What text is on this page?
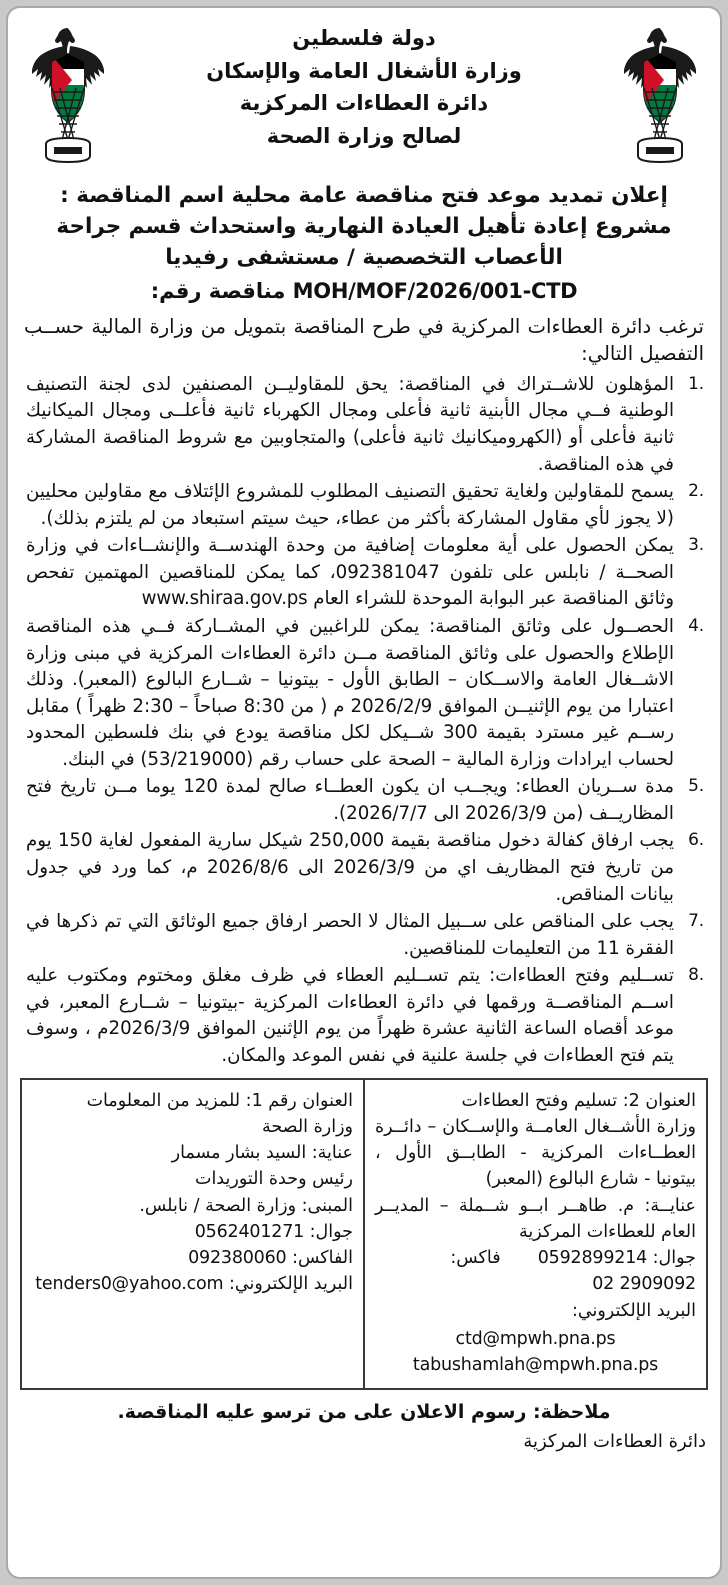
دولة فلسطين
وزارة الأشغال العامة والإسكان
دائرة العطاءات المركزية
لصالح وزارة الصحة
إعلان تمديد موعد فتح مناقصة عامة محلية اسم المناقصة : مشروع إعادة تأهيل العيادة النهارية واستحداث قسم جراحة الأعصاب التخصصية / مستشفى رفيديا
MOH/MOF/2026/001-CTD مناقصة رقم:
ترغب دائرة العطاءات المركزية في طرح المناقصة بتمويل من وزارة المالية حســب التفصيل التالي:
المؤهلون للاشــتراك في المناقصة: يحق للمقاوليــن المصنفين لدى لجنة التصنيف الوطنية فــي مجال الأبنية ثانية فأعلى ومجال الكهرباء ثانية فأعلــى ومجال الميكانيك ثانية فأعلى أو (الكهروميكانيك ثانية فأعلى) والمتجاوبين مع شروط المناقصة المشاركة في هذه المناقصة.
يسمح للمقاولين ولغاية تحقيق التصنيف المطلوب للمشروع الإئتلاف مع مقاولين محليين (لا يجوز لأي مقاول المشاركة بأكثر من عطاء، حيث سيتم استبعاد من لم يلتزم بذلك).
يمكن الحصول على أية معلومات إضافية من وحدة الهندســة والإنشــاءات في وزارة الصحــة / نابلس على تلفون 092381047، كما يمكن للمناقصين المهتمين تفحص وثائق المناقصة عبر البوابة الموحدة للشراء العام www.shiraa.gov.ps
الحصــول على وثائق المناقصة: يمكن للراغبين في المشــاركة فــي هذه المناقصة الإطلاع والحصول على وثائق المناقصة مــن دائرة العطاءات المركزية في مبنى وزارة الاشــغال العامة والاســكان – الطابق الأول - بيتونيا – شــارع البالوع (المعبر). وذلك اعتبارا من يوم الإثنيــن الموافق 2026/2/9 م ( من 8:30 صباحاً – 2:30 ظهراً ) مقابل رســم غير مسترد بقيمة 300 شــيكل لكل مناقصة يودع في بنك فلسطين المحدود لحساب ايرادات وزارة المالية – الصحة على حساب رقم (53/219000) في البنك.
مدة ســريان العطاء: ويجــب ان يكون العطــاء صالح لمدة 120 يوما مــن تاريخ فتح المظاريــف (من 2026/3/9 الى 2026/7/7).
يجب ارفاق كفالة دخول مناقصة بقيمة 250,000 شيكل سارية المفعول لغاية 150 يوم من تاريخ فتح المظاريف اي من 2026/3/9 الى 2026/8/6 م، كما ورد في جدول بيانات المناقص.
يجب على المناقص على ســبيل المثال لا الحصر ارفاق جميع الوثائق التي تم ذكرها في الفقرة 11 من التعليمات للمناقصين.
تســليم وفتح العطاءات: يتم تســليم العطاء في ظرف مغلق ومختوم ومكتوب عليه اســم المناقصــة ورقمها في دائرة العطاءات المركزية -بيتونيا – شــارع المعبر، في موعد أقصاه الساعة الثانية عشرة ظهراً من يوم الإثنين الموافق 2026/3/9م ، وسوف يتم فتح العطاءات في جلسة علنية في نفس الموعد والمكان.
العنوان 2: تسليم وفتح العطاءات
وزارة الأشــغال العامــة والإســكان – دائــرة العطــاءات المركزية - الطابــق الأول ، بيتونيا - شارع البالوع (المعبر)
عنايــة: م. طاهــر ابــو شــملة – المديــر العام للعطاءات المركزية
جوال: 0592899214  فاكس: 02 2909092
البريد الإلكتروني:
ctd@mpwh.pna.ps
tabushamlah@mpwh.pna.ps

العنوان رقم 1: للمزيد من المعلومات
وزارة الصحة
عناية: السيد بشار مسمار
رئيس وحدة التوريدات
المبنى: وزارة الصحة / نابلس.
جوال: 0562401271
الفاكس: 092380060
البريد الإلكتروني: tenders0@yahoo.com
ملاحظة: رسوم الاعلان على من ترسو عليه المناقصة.
دائرة العطاءات المركزية
